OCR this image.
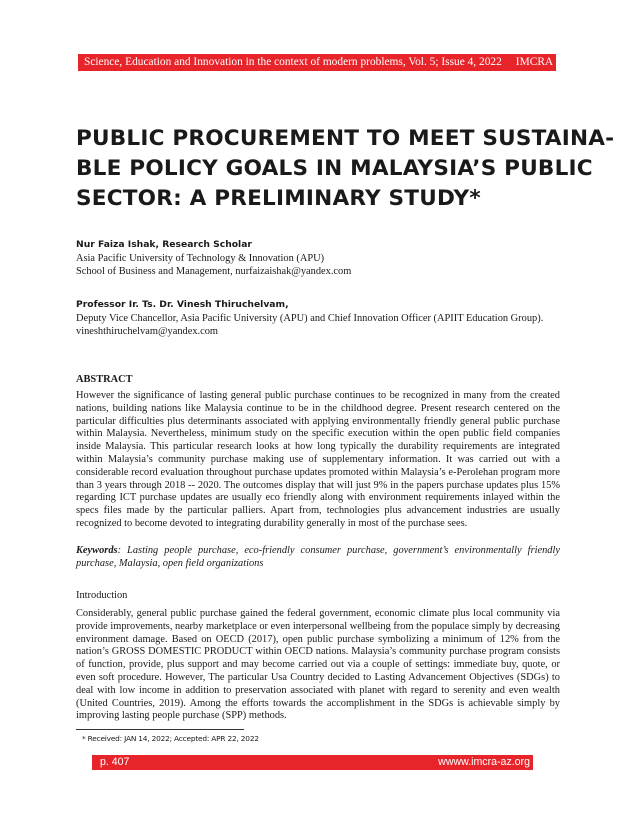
Science, Education and Innovation in the context of modern problems, Vol. 5; Issue 4, 2022 IMCRA
PUBLIC PROCUREMENT TO MEET SUSTAINA-
BLE POLICY GOALS IN MALAYSIA’S PUBLIC
SECTOR: A PRELIMINARY STUDY*
Nur Faiza Ishak, Research Scholar
Asia Pacific University of Technology & Innovation (APU)
School of Business and Management, nurfaizaishak@yandex.com
Professor Ir. Ts. Dr. Vinesh Thiruchelvam,
Deputy Vice Chancellor, Asia Pacific University (APU) and Chief Innovation Officer (APIIT Education Group).
vineshthiruchelvam@yandex.com
ABSTRACT

However the significance of lasting general public purchase continues to be recognized in many from the created nations, building nations like Malaysia continue to be in the childhood degree. Present research centered on the particular difficulties plus determinants associated with applying environmentally friendly general public purchase within Malaysia. Nevertheless, minimum study on the specific execution within the open public field companies inside Malaysia. This particular research looks at how long typically the durability requirements are integrated within Malaysia’s community purchase making use of supplementary information. It was carried out with a considerable record evaluation throughout purchase updates promoted within Malaysia’s e-Perolehan program more than 3 years through 2018 -- 2020. The outcomes display that will just 9% in the papers purchase updates plus 15% regarding ICT purchase updates are usually eco friendly along with environment requirements inlayed within the specs files made by the particular palliers. Apart from, technologies plus advancement industries are usually recognized to become devoted to integrating durability generally in most of the purchase sees.

Keywords: Lasting people purchase, eco-friendly consumer purchase, government’s environmentally friendly purchase, Malaysia, open field organizations

Introduction

Considerably, general public purchase gained the federal government, economic climate plus local community via provide improvements, nearby marketplace or even interpersonal wellbeing from the populace simply by decreasing environment damage. Based on OECD (2017), open public purchase symbolizing a minimum of 12% from the nation’s GROSS DOMESTIC PRODUCT within OECD nations. Malaysia’s community purchase program consists of function, provide, plus support and may become carried out via a couple of settings: immediate buy, quote, or even soft procedure. However, The particular Usa Country decided to Lasting Advancement Objectives (SDGs) to deal with low income in addition to preservation associated with planet with regard to serenity and even wealth (United Countries, 2019). Among the efforts towards the accomplishment in the SDGs is achievable simply by improving lasting people purchase (SPP) methods.

* Received: JAN 14, 2022; Accepted: APR 22, 2022
p. 407	wwww.imcra-az.org
